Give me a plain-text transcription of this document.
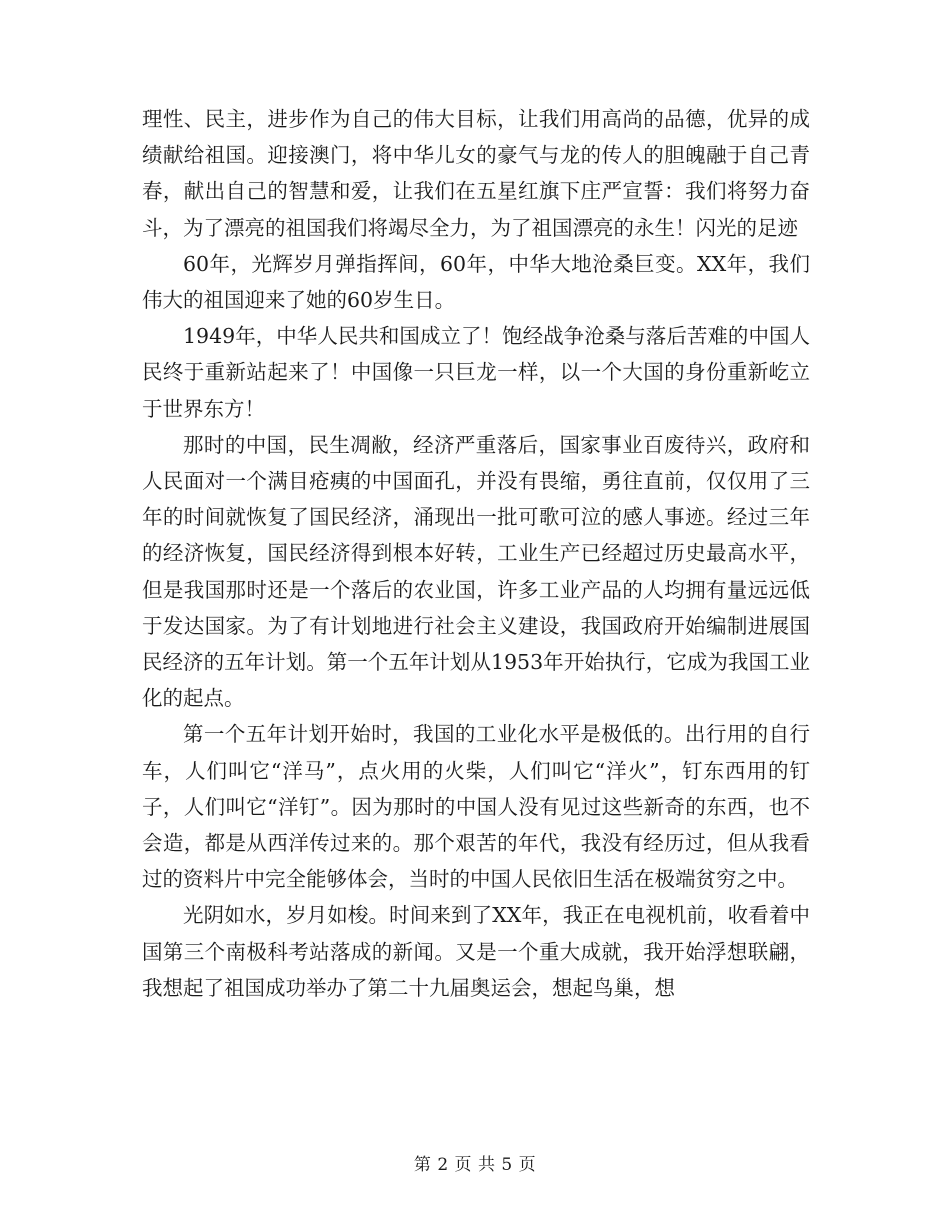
理性、民主，进步作为自己的伟大目标，让我们用高尚的品德，优异的成绩献给祖国。迎接澳门，将中华儿女的豪气与龙的传人的胆魄融于自己青春，献出自己的智慧和爱，让我们在五星红旗下庄严宣誓：我们将努力奋斗，为了漂亮的祖国我们将竭尽全力，为了祖国漂亮的永生！闪光的足迹

60年，光辉岁月弹指挥间，60年，中华大地沧桑巨变。XX年，我们伟大的祖国迎来了她的60岁生日。

1949年，中华人民共和国成立了！饱经战争沧桑与落后苦难的中国人民终于重新站起来了！中国像一只巨龙一样，以一个大国的身份重新屹立于世界东方！

那时的中国，民生凋敝，经济严重落后，国家事业百废待兴，政府和人民面对一个满目疮痍的中国面孔，并没有畏缩，勇往直前，仅仅用了三年的时间就恢复了国民经济，涌现出一批可歌可泣的感人事迹。经过三年的经济恢复，国民经济得到根本好转，工业生产已经超过历史最高水平，但是我国那时还是一个落后的农业国，许多工业产品的人均拥有量远远低于发达国家。为了有计划地进行社会主义建设，我国政府开始编制进展国民经济的五年计划。第一个五年计划从1953年开始执行，它成为我国工业化的起点。

第一个五年计划开始时，我国的工业化水平是极低的。出行用的自行车，人们叫它“洋马”，点火用的火柴，人们叫它“洋火”，钉东西用的钉子，人们叫它“洋钉”。因为那时的中国人没有见过这些新奇的东西，也不会造，都是从西洋传过来的。那个艰苦的年代，我没有经历过，但从我看过的资料片中完全能够体会，当时的中国人民依旧生活在极端贫穷之中。

光阴如水，岁月如梭。时间来到了XX年，我正在电视机前，收看着中国第三个南极科考站落成的新闻。又是一个重大成就，我开始浮想联翩，我想起了祖国成功举办了第二十九届奥运会，想起鸟巢，想

第 2 页 共 5 页
